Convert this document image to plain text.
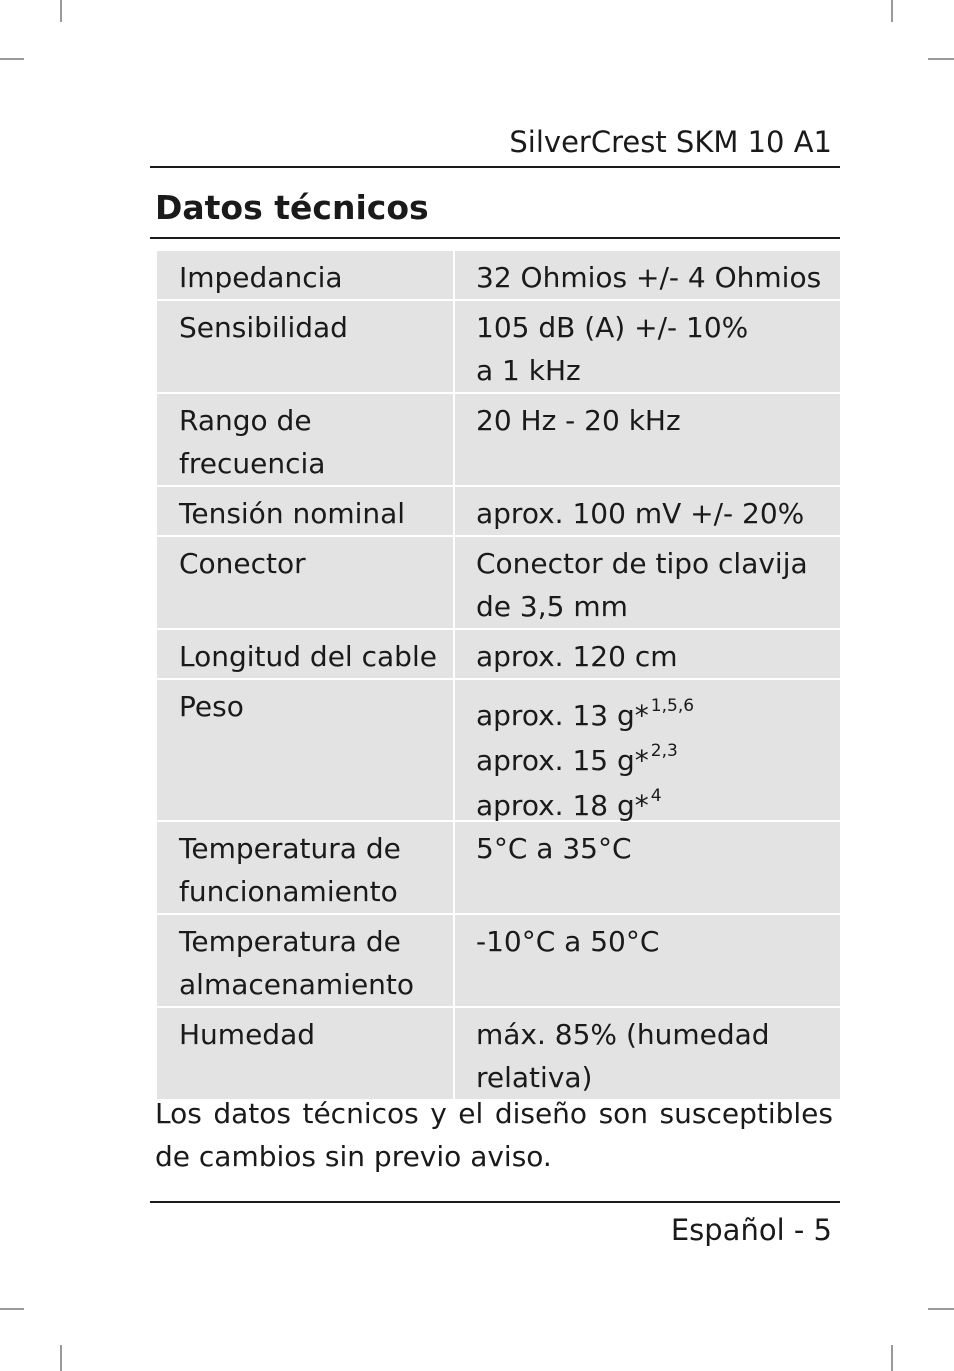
SilverCrest SKM 10 A1
Datos técnicos
Impedancia	32 Ohmios +/- 4 Ohmios

Sensibilidad	105 dB (A) +/- 10%
a 1 kHz

Rango de
frecuencia	20 Hz - 20 kHz

Tensión nominal	aprox. 100 mV +/- 20%

Conector	Conector de tipo clavija
de 3,5 mm

Longitud del cable	aprox. 120 cm

Peso	aprox. 13 g* $^{1,5,6}$
aprox. 15 g* $^{2,3}$
aprox. 18 g* $^4$

Temperatura de
funcionamiento	5°C a 35°C

Temperatura de
almacenamiento	-10°C a 50°C

Humedad	máx. 85% (humedad
relativa)
Los datos técnicos y el diseño son susceptibles de cambios sin previo aviso.
Español - 5
